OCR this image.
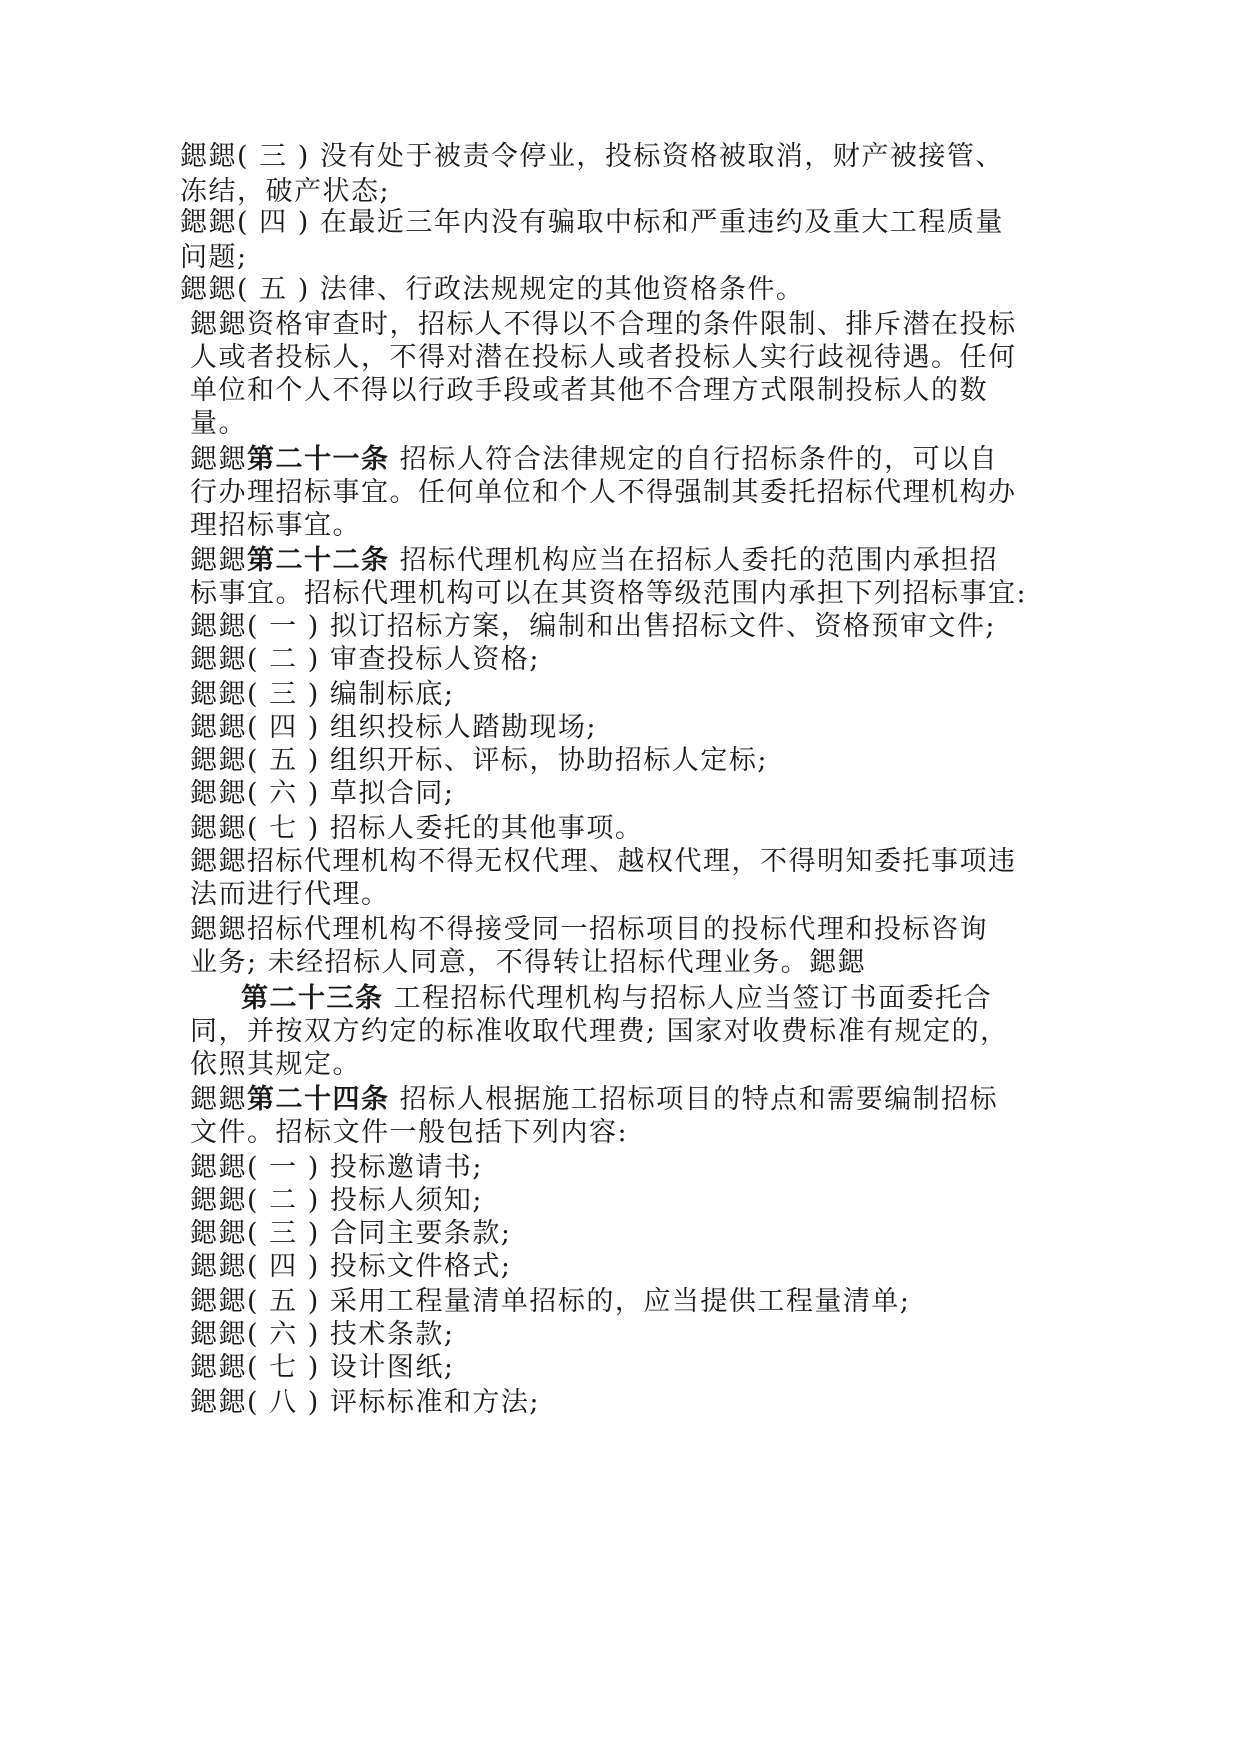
鍶鍶( 三 ) 没有处于被责令停业，投标资格被取消，财产被接管、
冻结，破产状态;
鍶鍶( 四 ) 在最近三年内没有骗取中标和严重违约及重大工程质量
问题;
鍶鍶( 五 ) 法律、行政法规规定的其他资格条件。
鍶鍶资格审查时，招标人不得以不合理的条件限制、排斥潜在投标
人或者投标人，不得对潜在投标人或者投标人实行歧视待遇。任何
单位和个人不得以行政手段或者其他不合理方式限制投标人的数
量。
鍶鍶第二十一条 招标人符合法律规定的自行招标条件的，可以自
行办理招标事宜。任何单位和个人不得强制其委托招标代理机构办
理招标事宜。
鍶鍶第二十二条 招标代理机构应当在招标人委托的范围内承担招
标事宜。招标代理机构可以在其资格等级范围内承担下列招标事宜:
鍶鍶( 一 ) 拟订招标方案，编制和出售招标文件、资格预审文件;
鍶鍶( 二 ) 审查投标人资格;
鍶鍶( 三 ) 编制标底;
鍶鍶( 四 ) 组织投标人踏勘现场;
鍶鍶( 五 ) 组织开标、评标，协助招标人定标;
鍶鍶( 六 ) 草拟合同;
鍶鍶( 七 ) 招标人委托的其他事项。
鍶鍶招标代理机构不得无权代理、越权代理，不得明知委托事项违
法而进行代理。
鍶鍶招标代理机构不得接受同一招标项目的投标代理和投标咨询
业务; 未经招标人同意，不得转让招标代理业务。鍶鍶
第二十三条 工程招标代理机构与招标人应当签订书面委托合
同，并按双方约定的标准收取代理费; 国家对收费标准有规定的，
依照其规定。
鍶鍶第二十四条 招标人根据施工招标项目的特点和需要编制招标
文件。招标文件一般包括下列内容:
鍶鍶( 一 ) 投标邀请书;
鍶鍶( 二 ) 投标人须知;
鍶鍶( 三 ) 合同主要条款;
鍶鍶( 四 ) 投标文件格式;
鍶鍶( 五 ) 采用工程量清单招标的，应当提供工程量清单;
鍶鍶( 六 ) 技术条款;
鍶鍶( 七 ) 设计图纸;
鍶鍶( 八 ) 评标标准和方法;
